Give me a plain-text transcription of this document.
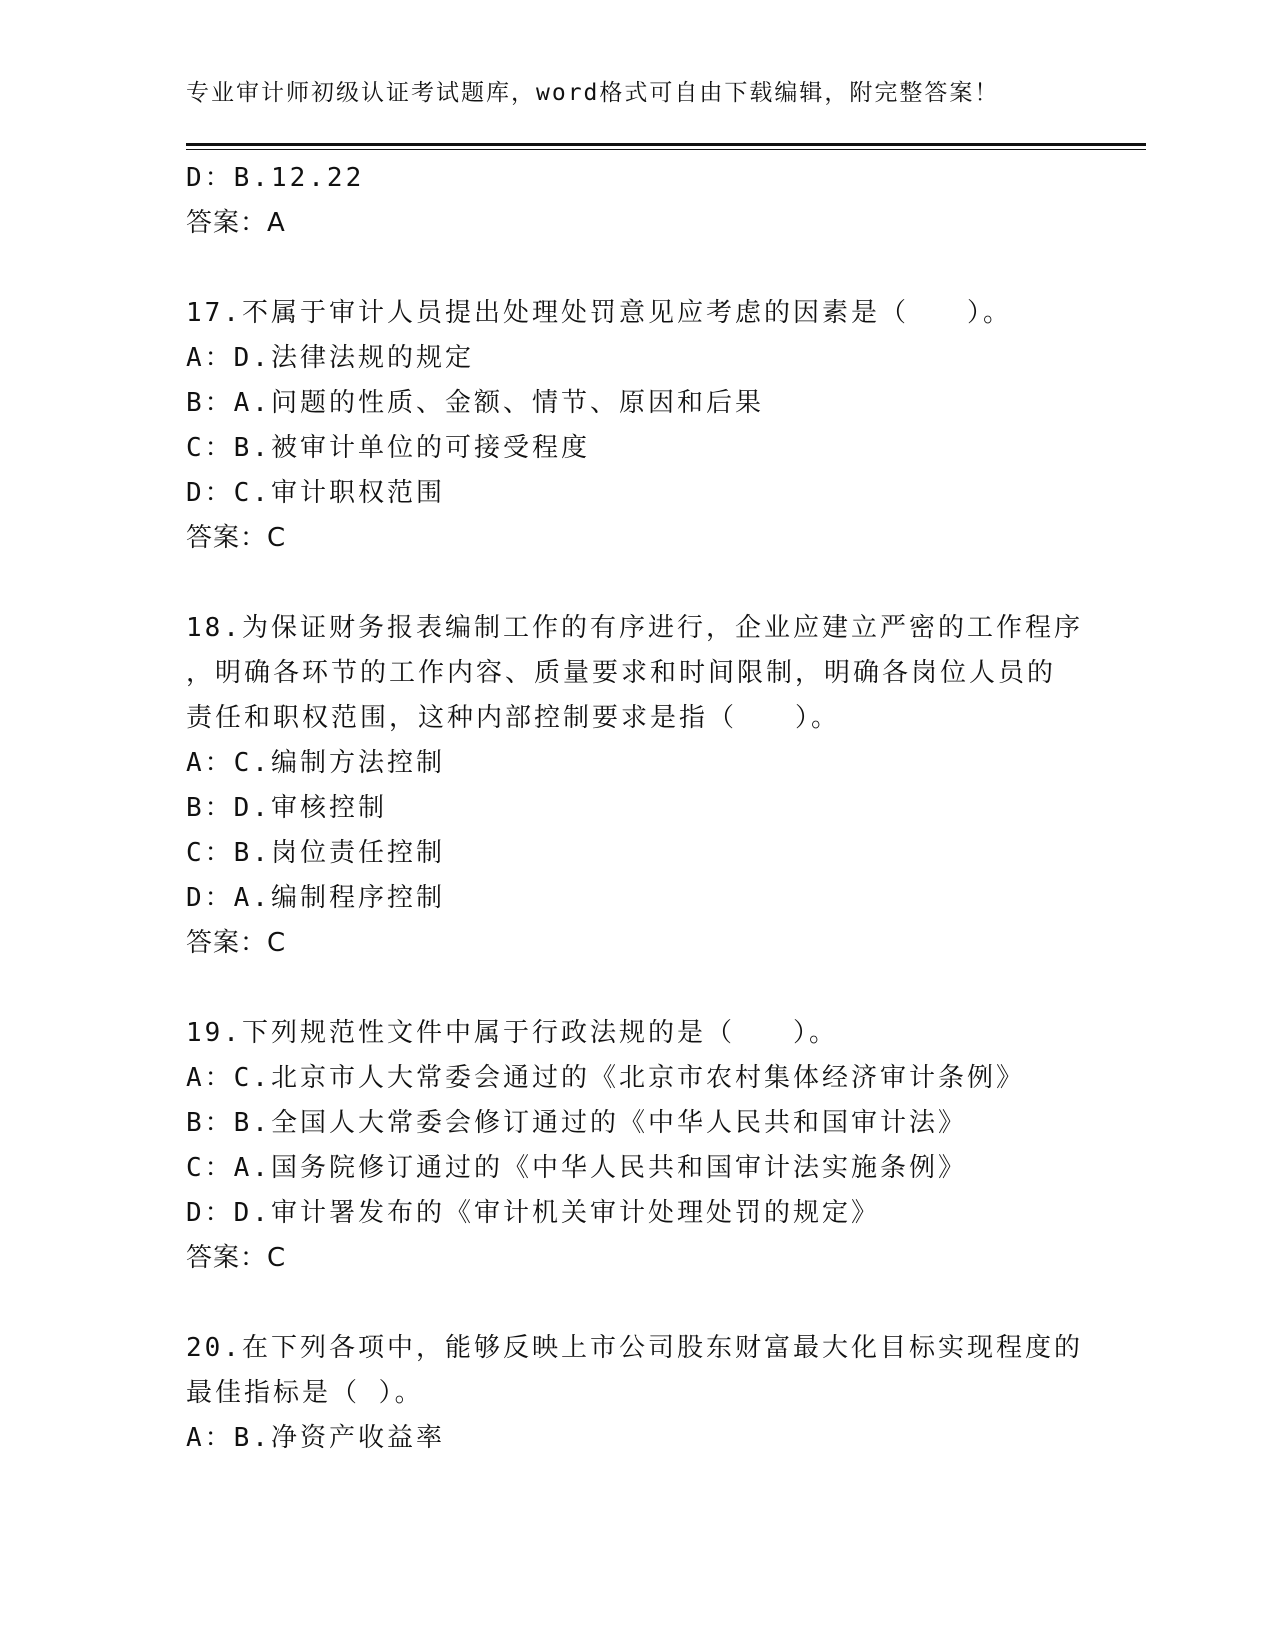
专业审计师初级认证考试题库，word格式可自由下载编辑，附完整答案！
D：B.12.22
答案：A
17.不属于审计人员提出处理处罚意见应考虑的因素是（　　）。
A：D.法律法规的规定
B：A.问题的性质、金额、情节、原因和后果
C：B.被审计单位的可接受程度
D：C.审计职权范围
答案：C
18.为保证财务报表编制工作的有序进行，企业应建立严密的工作程序
，明确各环节的工作内容、质量要求和时间限制，明确各岗位人员的
责任和职权范围，这种内部控制要求是指（　　）。
A：C.编制方法控制
B：D.审核控制
C：B.岗位责任控制
D：A.编制程序控制
答案：C
19.下列规范性文件中属于行政法规的是（　　）。
A：C.北京市人大常委会通过的《北京市农村集体经济审计条例》
B：B.全国人大常委会修订通过的《中华人民共和国审计法》
C：A.国务院修订通过的《中华人民共和国审计法实施条例》
D：D.审计署发布的《审计机关审计处理处罚的规定》
答案：C
20.在下列各项中，能够反映上市公司股东财富最大化目标实现程度的
最佳指标是（ ）。
A：B.净资产收益率
